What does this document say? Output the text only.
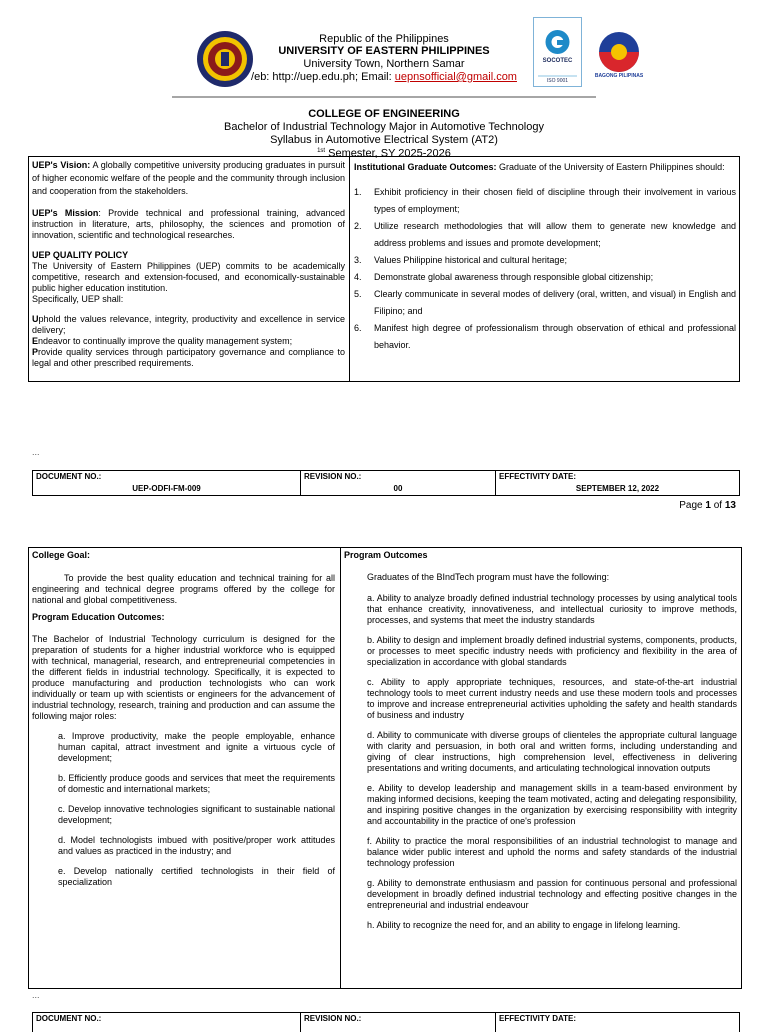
Republic of the Philippines
UNIVERSITY OF EASTERN PHILIPPINES
University Town, Northern Samar
/eb: http://uep.edu.ph; Email: uepnsofficial@gmail.com
SOCOTEC
ISO 9001
BAGONG PILIPINAS
COLLEGE OF ENGINEERING
Bachelor of Industrial Technology Major in Automotive Technology
Syllabus in Automotive Electrical System (AT2)
$^{1st}$ Semester, SY 2025-2026
UEP's Vision: A globally competitive university producing graduates in pursuit of higher economic welfare of the people and the community through inclusion and cooperation from the stakeholders.
UEP's Mission: Provide technical and professional training, advanced instruction in literature, arts, philosophy, the sciences and promotion of innovation, scientific and technological researches.
UEP QUALITY POLICY
The University of Eastern Philippines (UEP) commits to be academically competitive, research and extension-focused, and economically-sustainable public higher education institution.
Specifically, UEP shall:
Uphold the values relevance, integrity, productivity and excellence in service delivery;
Endeavor to continually improve the quality management system;
Provide quality services through participatory governance and compliance to legal and other prescribed requirements.
Institutional Graduate Outcomes: Graduate of the University of Eastern Philippines should:
1. Exhibit proficiency in their chosen field of discipline through their involvement in various types of employment;
2. Utilize research methodologies that will allow them to generate new knowledge and address problems and issues and promote development;
3. Values Philippine historical and cultural heritage;
4. Demonstrate global awareness through responsible global citizenship;
5. Clearly communicate in several modes of delivery (oral, written, and visual) in English and Filipino; and
6. Manifest high degree of professionalism through observation of ethical and professional behavior.
...
DOCUMENT NO.:
UEP-ODFI-FM-009
REVISION NO.:
00
EFFECTIVITY DATE:
SEPTEMBER 12, 2022
Page 1 of 13
College Goal:
To provide the best quality education and technical training for all engineering and technical degree programs offered by the college for national and global competitiveness.
Program Education Outcomes:
The Bachelor of Industrial Technology curriculum is designed for the preparation of students for a higher industrial workforce who is equipped with technical, managerial, research, and entrepreneurial competencies in the different fields in industrial technology. Specifically, it is expected to produce manufacturing and production technologists who can work individually or team up with scientists or engineers for the advancement of industrial technology, research, training and production and can assume the following major roles:
a. Improve productivity, make the people employable, enhance human capital, attract investment and ignite a virtuous cycle of development;
b. Efficiently produce goods and services that meet the requirements of domestic and international markets;
c. Develop innovative technologies significant to sustainable national development;
d. Model technologists imbued with positive/proper work attitudes and values as practiced in the industry; and
e. Develop nationally certified technologists in their field of specialization
Program Outcomes
Graduates of the BIndTech program must have the following:
a. Ability to analyze broadly defined industrial technology processes by using analytical tools that enhance creativity, innovativeness, and intellectual curiosity to improve methods, processes, and systems that meet the industry standards
b. Ability to design and implement broadly defined industrial systems, components, products, or processes to meet specific industry needs with proficiency and flexibility in the area of specialization in accordance with global standards
c. Ability to apply appropriate techniques, resources, and state-of-the-art industrial technology tools to meet current industry needs and use these modern tools and processes to improve and increase entrepreneurial activities upholding the safety and health standards of business and industry
d. Ability to communicate with diverse groups of clienteles the appropriate cultural language with clarity and persuasion, in both oral and written forms, including understanding and giving of clear instructions, high comprehension level, effectiveness in delivering presentations and writing documents, and articulating technological innovation outputs
e. Ability to develop leadership and management skills in a team-based environment by making informed decisions, keeping the team motivated, acting and delegating responsibility, and inspiring positive changes in the organization by exercising responsibility with integrity and accountability in the practice of one's profession
f. Ability to practice the moral responsibilities of an industrial technologist to manage and balance wider public interest and uphold the norms and safety standards of the industrial technology profession
g. Ability to demonstrate enthusiasm and passion for continuous personal and professional development in broadly defined industrial technology and effecting positive changes in the entrepreneurial and industrial endeavour
h. Ability to recognize the need for, and an ability to engage in lifelong learning.
...
DOCUMENT NO.:	REVISION NO.:	EFFECTIVITY DATE:
